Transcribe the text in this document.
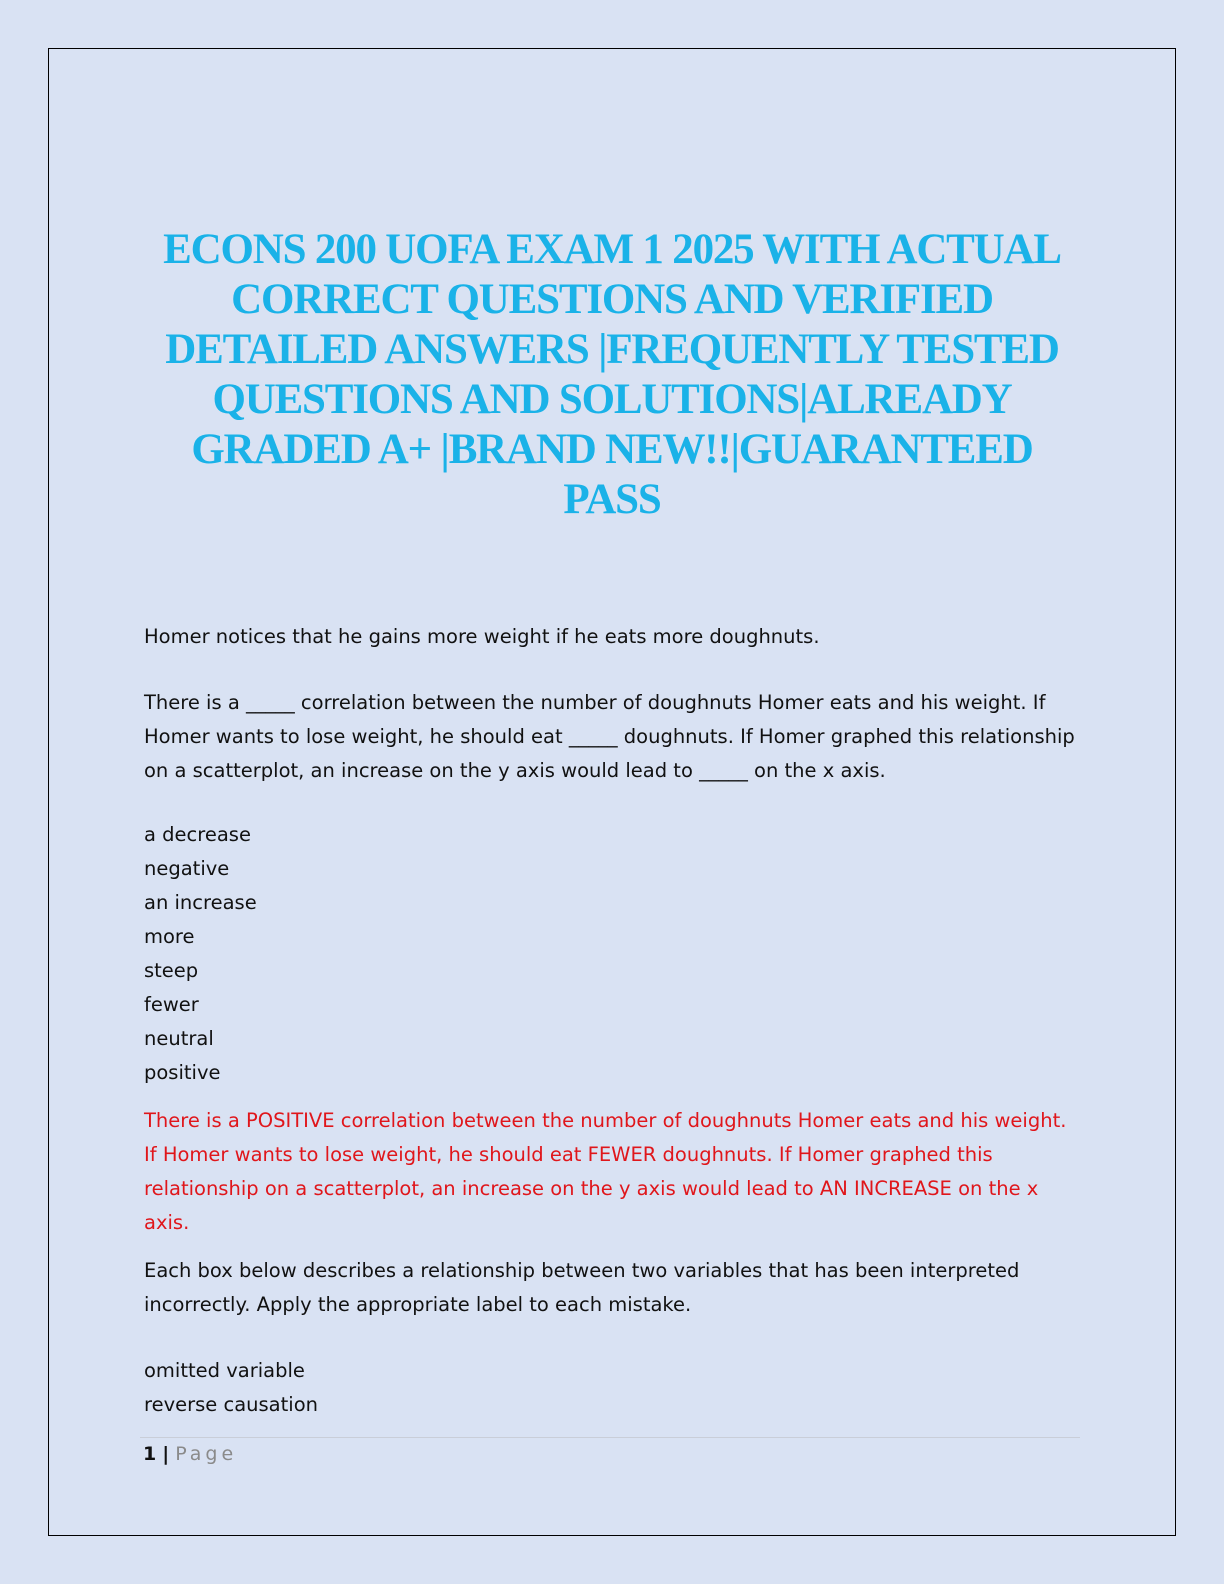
ECONS 200 UOFA EXAM 1 2025 WITH ACTUAL
CORRECT QUESTIONS AND VERIFIED
DETAILED ANSWERS |FREQUENTLY TESTED
QUESTIONS AND SOLUTIONS|ALREADY
GRADED A+ |BRAND NEW!!|GUARANTEED
PASS

Homer notices that he gains more weight if he eats more doughnuts.

There is a _____ correlation between the number of doughnuts Homer eats and his weight. If Homer wants to lose weight, he should eat _____ doughnuts. If Homer graphed this relationship on a scatterplot, an increase on the y axis would lead to _____ on the x axis.

a decrease
negative
an increase
more
steep
fewer
neutral
positive

There is a POSITIVE correlation between the number of doughnuts Homer eats and his weight. If Homer wants to lose weight, he should eat FEWER doughnuts. If Homer graphed this relationship on a scatterplot, an increase on the y axis would lead to AN INCREASE on the x axis.

Each box below describes a relationship between two variables that has been interpreted incorrectly. Apply the appropriate label to each mistake.

omitted variable
reverse causation
1 | Page
